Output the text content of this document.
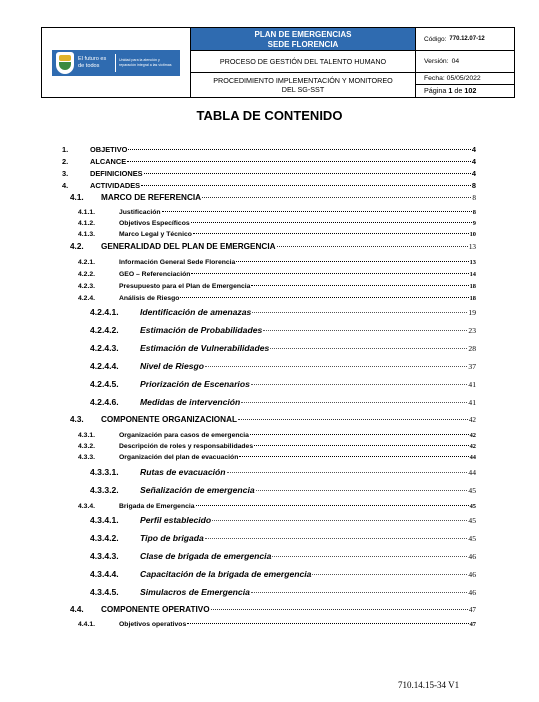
El futuro es de todos
Unidad para la atención y reparación integral a las víctimas
PLAN DE EMERGENCIAS
SEDE FLORENCIA
PROCESO DE GESTIÓN DEL TALENTO HUMANO
PROCEDIMIENTO IMPLEMENTACIÓN Y MONITOREO
DEL SG-SST
Código: 770.12.07-12
Versión: 04
Fecha: 05/05/2022
Página 1 de 102
TABLA DE CONTENIDO
1.	OBJETIVO	4
2.	ALCANCE	4
3.	DEFINICIONES	4
4.	ACTIVIDADES	8
4.1. MARCO DE REFERENCIA	8
4.1.1.	Justificación	8
4.1.2.	Objetivos Específicos	9
4.1.3.	Marco Legal y Técnico	10
4.2. GENERALIDAD DEL PLAN DE EMERGENCIA	13
4.2.1.	Información General Sede Florencia	13
4.2.2.	GEO – Referenciación	14
4.2.3.	Presupuesto para el Plan de Emergencia	18
4.2.4.	Análisis de Riesgo	18
4.2.4.1. Identificación de amenazas	19
4.2.4.2. Estimación de Probabilidades	23
4.2.4.3. Estimación de Vulnerabilidades	28
4.2.4.4. Nivel de Riesgo	37
4.2.4.5. Priorización de Escenarios	41
4.2.4.6. Medidas de intervención	41
4.3. COMPONENTE ORGANIZACIONAL	42
4.3.1.	Organización para casos de emergencia	42
4.3.2.	Descripción de roles y responsabilidades	42
4.3.3.	Organización del plan de evacuación	44
4.3.3.1. Rutas de evacuación	44
4.3.3.2. Señalización de emergencia	45
4.3.4.	Brigada de Emergencia	45
4.3.4.1. Perfil establecido	45
4.3.4.2. Tipo de brigada	45
4.3.4.3. Clase de brigada de emergencia	46
4.3.4.4. Capacitación de la brigada de emergencia	46
4.3.4.5. Simulacros de Emergencia	46
4.4. COMPONENTE OPERATIVO	47
4.4.1.	Objetivos operativos	47
710.14.15-34 V1
